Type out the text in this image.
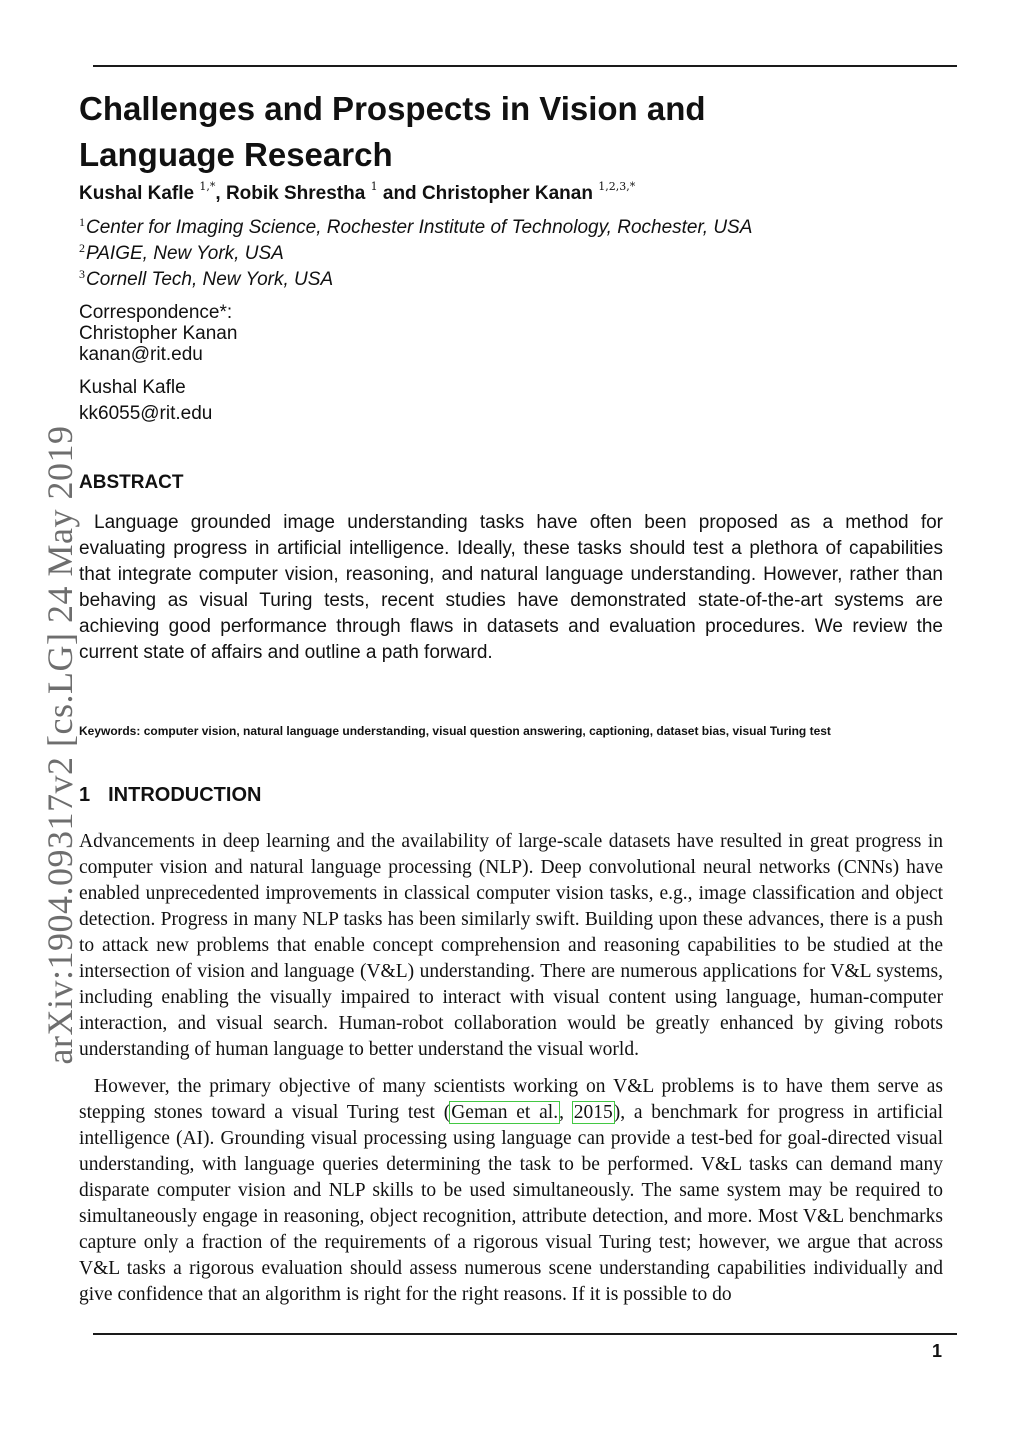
arXiv:1904.09317v2 [cs.LG] 24 May 2019
Challenges and Prospects in Vision and Language Research
Kushal Kafle $^{1,*}$, Robik Shrestha $^1$ and Christopher Kanan $^{1,2,3,*}$
$^1$Center for Imaging Science, Rochester Institute of Technology, Rochester, USA
$^2$PAIGE, New York, USA
$^3$Cornell Tech, New York, USA
Correspondence*:
Christopher Kanan
kanan@rit.edu
Kushal Kafle
kk6055@rit.edu
ABSTRACT

Language grounded image understanding tasks have often been proposed as a method for evaluating progress in artificial intelligence. Ideally, these tasks should test a plethora of capabilities that integrate computer vision, reasoning, and natural language understanding. However, rather than behaving as visual Turing tests, recent studies have demonstrated state-of-the-art systems are achieving good performance through flaws in datasets and evaluation procedures. We review the current state of affairs and outline a path forward.

Keywords: computer vision, natural language understanding, visual question answering, captioning, dataset bias, visual Turing test
1 INTRODUCTION

Advancements in deep learning and the availability of large-scale datasets have resulted in great progress in computer vision and natural language processing (NLP). Deep convolutional neural networks (CNNs) have enabled unprecedented improvements in classical computer vision tasks, e.g., image classification and object detection. Progress in many NLP tasks has been similarly swift. Building upon these advances, there is a push to attack new problems that enable concept comprehension and reasoning capabilities to be studied at the intersection of vision and language (V&L) understanding. There are numerous applications for V&L systems, including enabling the visually impaired to interact with visual content using language, human-computer interaction, and visual search. Human-robot collaboration would be greatly enhanced by giving robots understanding of human language to better understand the visual world.

However, the primary objective of many scientists working on V&L problems is to have them serve as stepping stones toward a visual Turing test (Geman et al., 2015), a benchmark for progress in artificial intelligence (AI). Grounding visual processing using language can provide a test-bed for goal-directed visual understanding, with language queries determining the task to be performed. V&L tasks can demand many disparate computer vision and NLP skills to be used simultaneously. The same system may be required to simultaneously engage in reasoning, object recognition, attribute detection, and more. Most V&L benchmarks capture only a fraction of the requirements of a rigorous visual Turing test; however, we argue that across V&L tasks a rigorous evaluation should assess numerous scene understanding capabilities individually and give confidence that an algorithm is right for the right reasons. If it is possible to do

1
